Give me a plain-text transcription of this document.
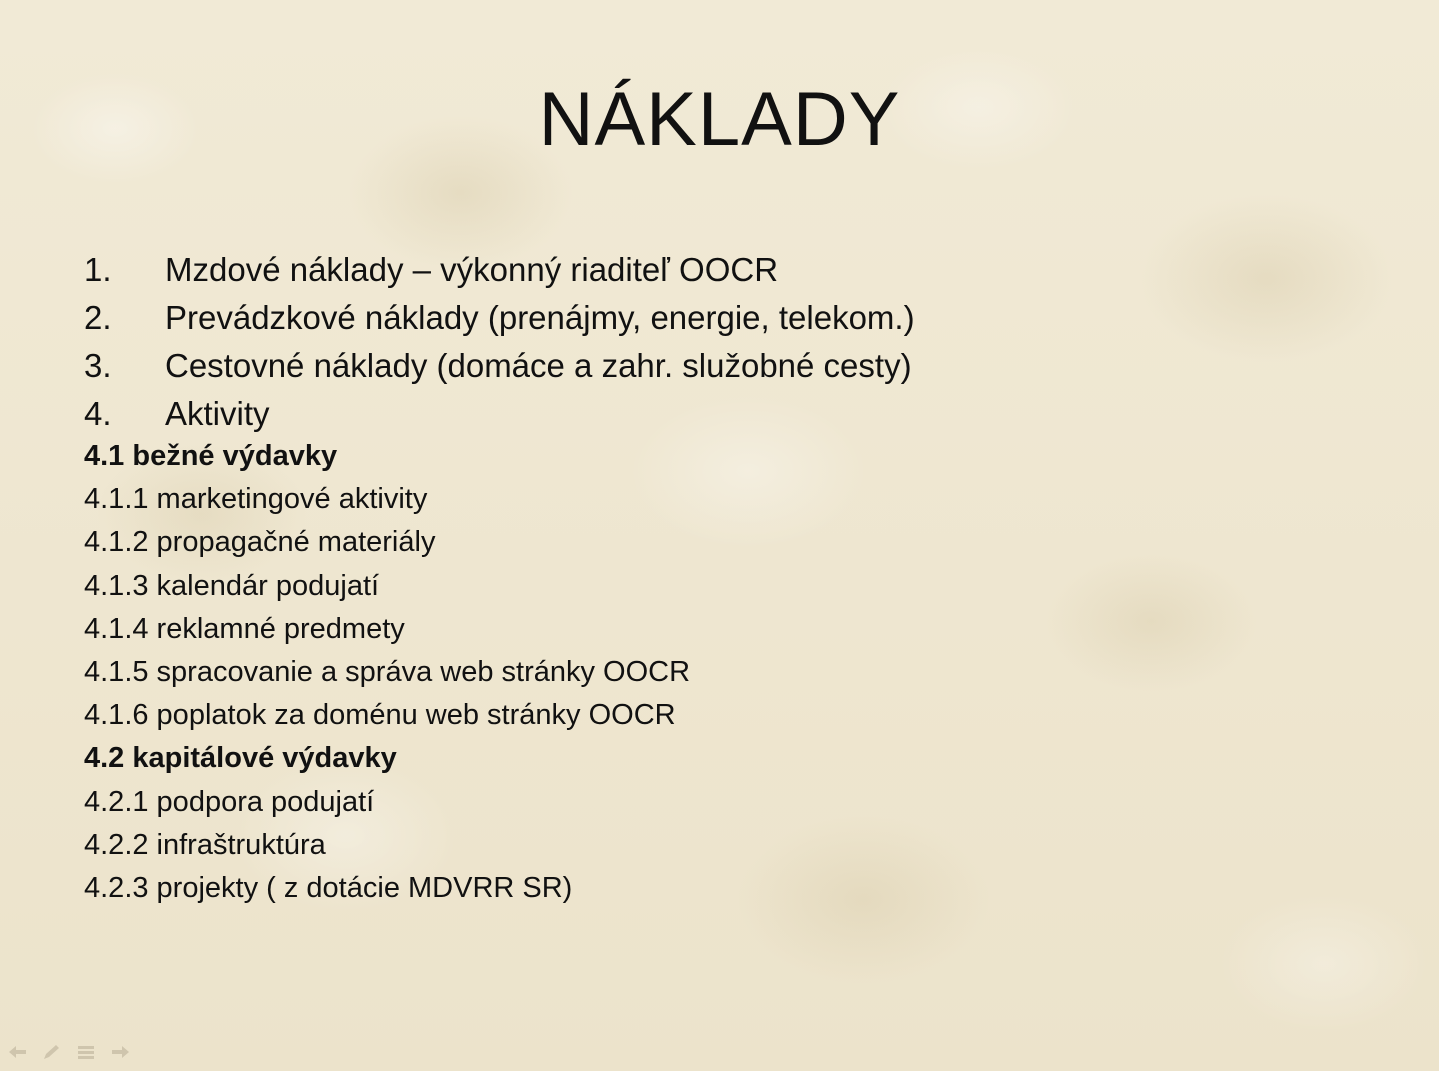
NÁKLADY
1.	Mzdové náklady – výkonný riaditeľ OOCR
2.	Prevádzkové náklady (prenájmy, energie, telekom.)
3.	Cestovné náklady (domáce a zahr. služobné cesty)
4.	Aktivity
4.1 bežné výdavky
4.1.1 marketingové aktivity
4.1.2 propagačné materiály
4.1.3 kalendár podujatí
4.1.4 reklamné predmety
4.1.5 spracovanie a správa web stránky OOCR
4.1.6 poplatok za doménu web stránky OOCR
4.2 kapitálové výdavky
4.2.1 podpora podujatí
4.2.2 infraštruktúra
4.2.3 projekty ( z dotácie MDVRR SR)
